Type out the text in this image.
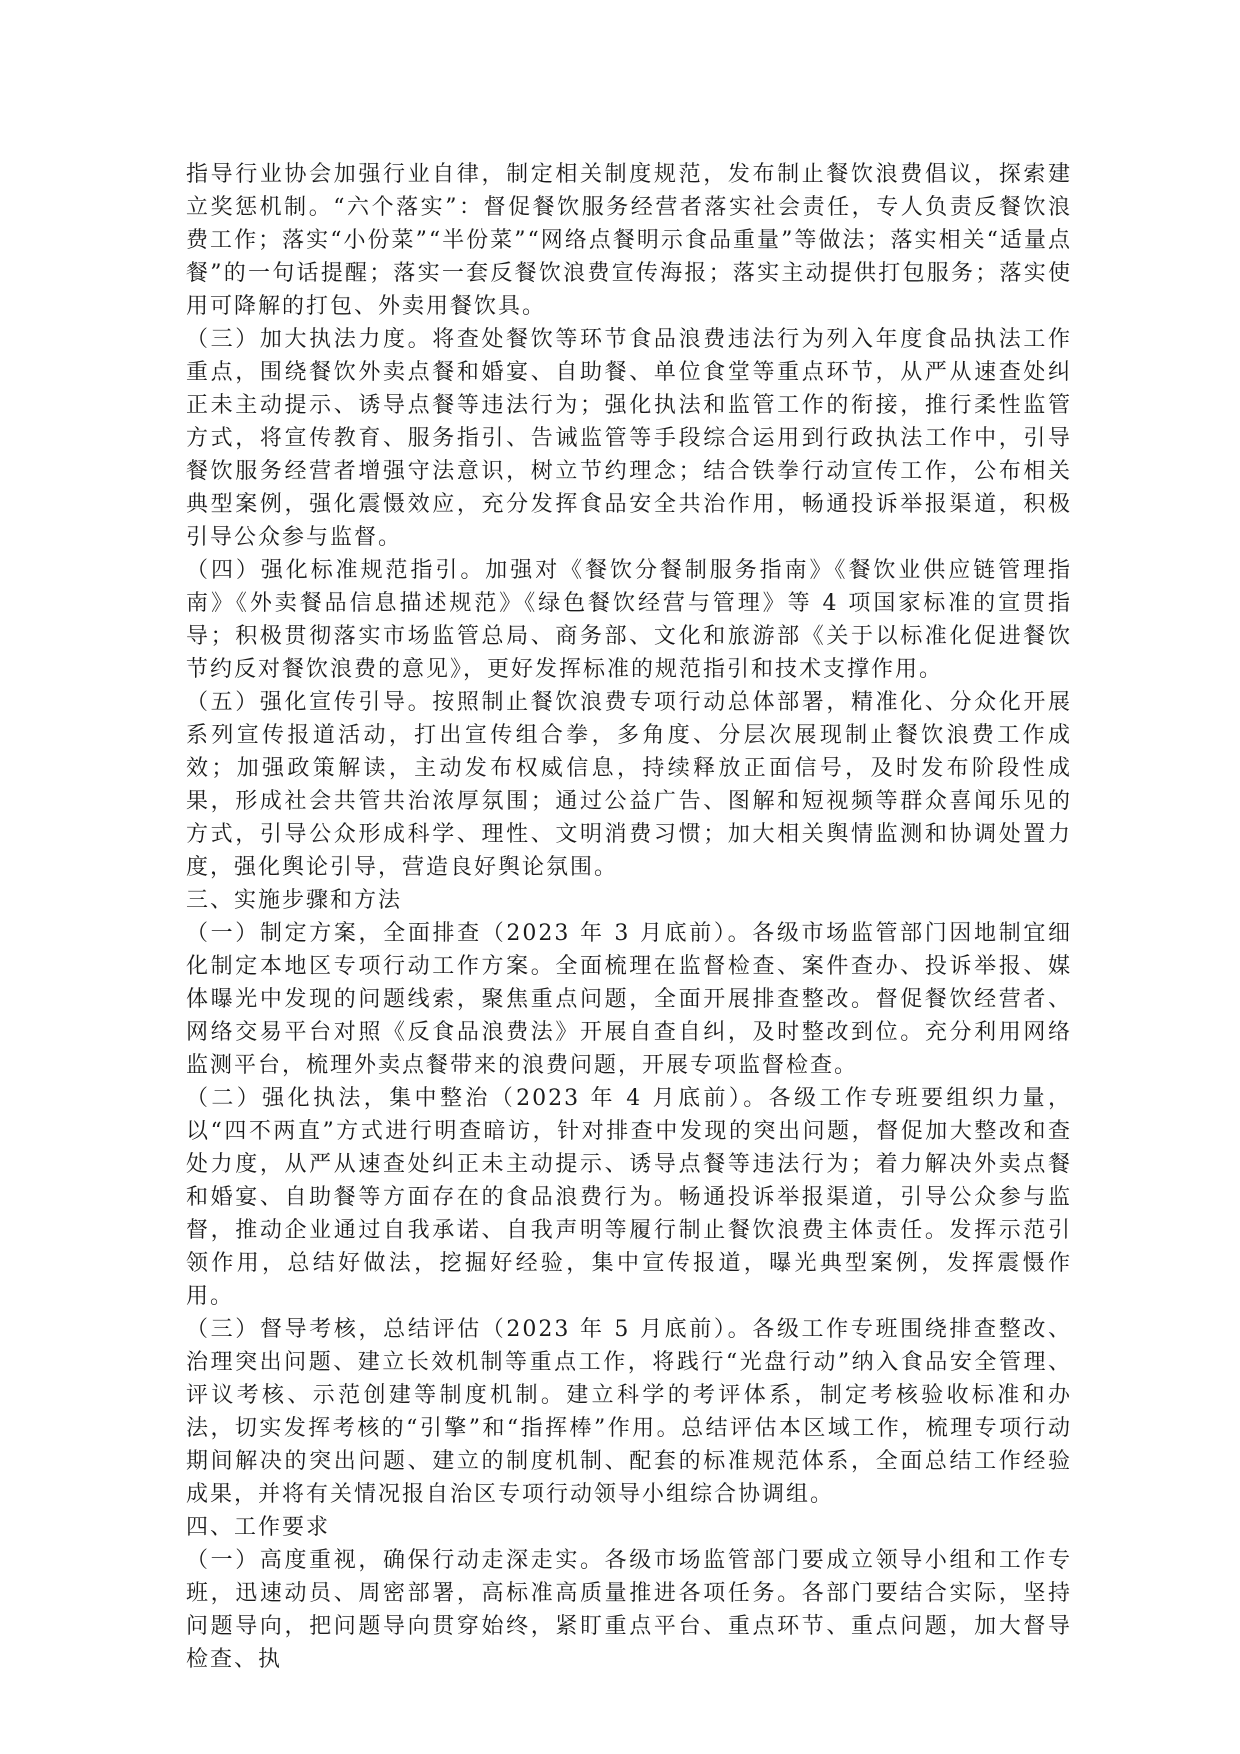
指导行业协会加强行业自律，制定相关制度规范，发布制止餐饮浪费倡议，探索建立奖惩机制。“六个落实”：督促餐饮服务经营者落实社会责任，专人负责反餐饮浪费工作；落实“小份菜”“半份菜”“网络点餐明示食品重量”等做法；落实相关“适量点餐”的一句话提醒；落实一套反餐饮浪费宣传海报；落实主动提供打包服务；落实使用可降解的打包、外卖用餐饮具。

（三）加大执法力度。将查处餐饮等环节食品浪费违法行为列入年度食品执法工作重点，围绕餐饮外卖点餐和婚宴、自助餐、单位食堂等重点环节，从严从速查处纠正未主动提示、诱导点餐等违法行为；强化执法和监管工作的衔接，推行柔性监管方式，将宣传教育、服务指引、告诫监管等手段综合运用到行政执法工作中，引导餐饮服务经营者增强守法意识，树立节约理念；结合铁拳行动宣传工作，公布相关典型案例，强化震慑效应，充分发挥食品安全共治作用，畅通投诉举报渠道，积极引导公众参与监督。

（四）强化标准规范指引。加强对《餐饮分餐制服务指南》《餐饮业供应链管理指南》《外卖餐品信息描述规范》《绿色餐饮经营与管理》等 4 项国家标准的宣贯指导；积极贯彻落实市场监管总局、商务部、文化和旅游部《关于以标准化促进餐饮节约反对餐饮浪费的意见》，更好发挥标准的规范指引和技术支撑作用。

（五）强化宣传引导。按照制止餐饮浪费专项行动总体部署，精准化、分众化开展系列宣传报道活动，打出宣传组合拳，多角度、分层次展现制止餐饮浪费工作成效；加强政策解读，主动发布权威信息，持续释放正面信号，及时发布阶段性成果，形成社会共管共治浓厚氛围；通过公益广告、图解和短视频等群众喜闻乐见的方式，引导公众形成科学、理性、文明消费习惯；加大相关舆情监测和协调处置力度，强化舆论引导，营造良好舆论氛围。

三、实施步骤和方法

（一）制定方案，全面排查（2023 年 3 月底前）。各级市场监管部门因地制宜细化制定本地区专项行动工作方案。全面梳理在监督检查、案件查办、投诉举报、媒体曝光中发现的问题线索，聚焦重点问题，全面开展排查整改。督促餐饮经营者、网络交易平台对照《反食品浪费法》开展自查自纠，及时整改到位。充分利用网络监测平台，梳理外卖点餐带来的浪费问题，开展专项监督检查。

（二）强化执法，集中整治（2023 年 4 月底前）。各级工作专班要组织力量，以“四不两直”方式进行明查暗访，针对排查中发现的突出问题，督促加大整改和查处力度，从严从速查处纠正未主动提示、诱导点餐等违法行为；着力解决外卖点餐和婚宴、自助餐等方面存在的食品浪费行为。畅通投诉举报渠道，引导公众参与监督，推动企业通过自我承诺、自我声明等履行制止餐饮浪费主体责任。发挥示范引领作用，总结好做法，挖掘好经验，集中宣传报道，曝光典型案例，发挥震慑作用。

（三）督导考核，总结评估（2023 年 5 月底前）。各级工作专班围绕排查整改、治理突出问题、建立长效机制等重点工作，将践行“光盘行动”纳入食品安全管理、评议考核、示范创建等制度机制。建立科学的考评体系，制定考核验收标准和办法，切实发挥考核的“引擎”和“指挥棒”作用。总结评估本区域工作，梳理专项行动期间解决的突出问题、建立的制度机制、配套的标准规范体系，全面总结工作经验成果，并将有关情况报自治区专项行动领导小组综合协调组。

四、工作要求

（一）高度重视，确保行动走深走实。各级市场监管部门要成立领导小组和工作专班，迅速动员、周密部署，高标准高质量推进各项任务。各部门要结合实际，坚持问题导向，把问题导向贯穿始终，紧盯重点平台、重点环节、重点问题，加大督导检查、执
